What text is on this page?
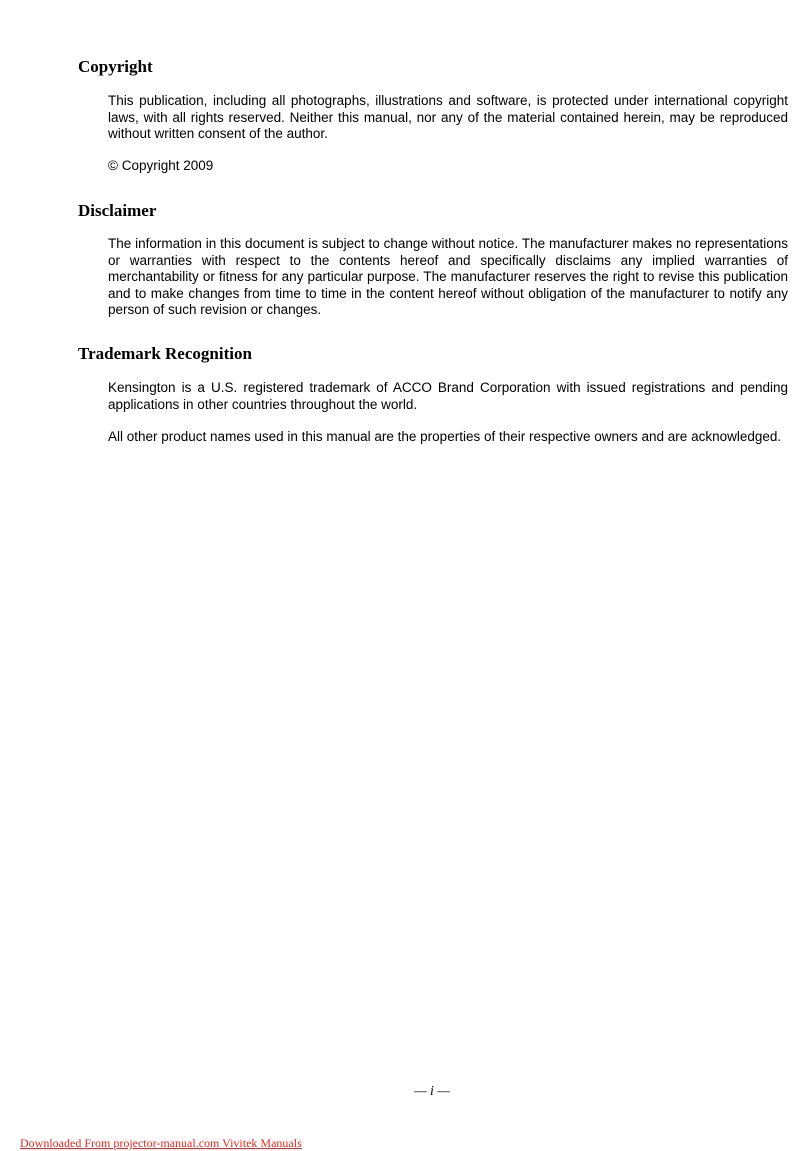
Copyright

This publication, including all photographs, illustrations and software, is protected under international copyright laws, with all rights reserved. Neither this manual, nor any of the material contained herein, may be reproduced without written consent of the author.

© Copyright 2009

Disclaimer

The information in this document is subject to change without notice. The manufacturer makes no representations or warranties with respect to the contents hereof and specifically disclaims any implied warranties of merchantability or fitness for any particular purpose. The manufacturer reserves the right to revise this publication and to make changes from time to time in the content hereof without obligation of the manufacturer to notify any person of such revision or changes.

Trademark Recognition

Kensington is a U.S. registered trademark of ACCO Brand Corporation with issued registrations and pending applications in other countries throughout the world.

All other product names used in this manual are the properties of their respective owners and are acknowledged.

— i —
Downloaded From projector-manual.com Vivitek Manuals
